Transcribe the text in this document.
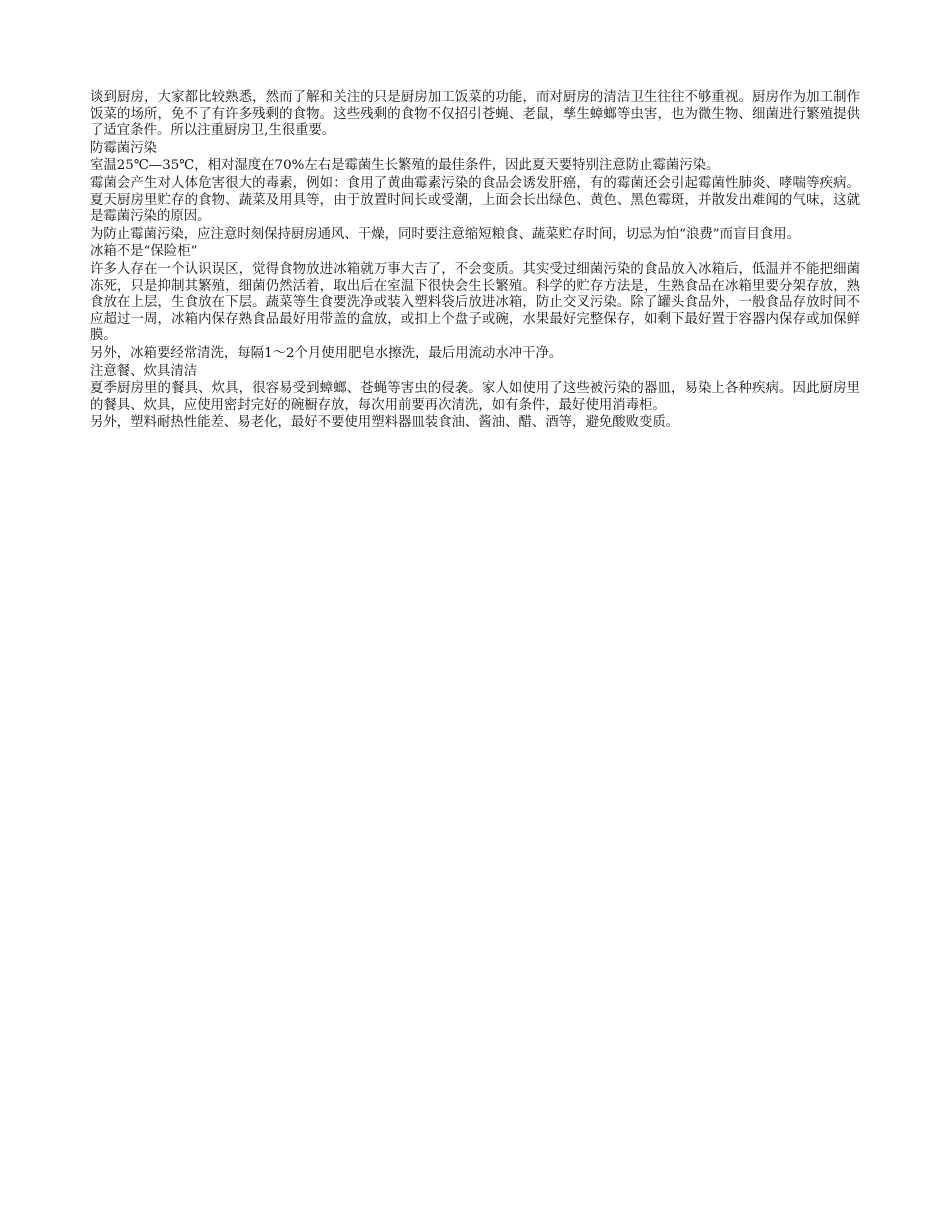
谈到厨房，大家都比较熟悉，然而了解和关注的只是厨房加工饭菜的功能，而对厨房的清洁卫生往往不够重视。厨房作为加工制作饭菜的场所，免不了有许多残剩的食物。这些残剩的食物不仅招引苍蝇、老鼠，孳生蟑螂等虫害，也为微生物、细菌进行繁殖提供了适宜条件。所以注重厨房卫,生很重要。

防霉菌污染

室温25℃—35℃，相对湿度在70%左右是霉菌生长繁殖的最佳条件，因此夏天要特别注意防止霉菌污染。

霉菌会产生对人体危害很大的毒素，例如：食用了黄曲霉素污染的食品会诱发肝癌，有的霉菌还会引起霉菌性肺炎、哮喘等疾病。夏天厨房里贮存的食物、蔬菜及用具等，由于放置时间长或受潮，上面会长出绿色、黄色、黑色霉斑，并散发出难闻的气味，这就是霉菌污染的原因。

为防止霉菌污染，应注意时刻保持厨房通风、干燥，同时要注意缩短粮食、蔬菜贮存时间，切忌为怕“浪费”而盲目食用。

冰箱不是“保险柜”

许多人存在一个认识误区，觉得食物放进冰箱就万事大吉了，不会变质。其实受过细菌污染的食品放入冰箱后，低温并不能把细菌冻死，只是抑制其繁殖，细菌仍然活着，取出后在室温下很快会生长繁殖。科学的贮存方法是，生熟食品在冰箱里要分架存放，熟食放在上层，生食放在下层。蔬菜等生食要洗净或装入塑料袋后放进冰箱，防止交叉污染。除了罐头食品外，一般食品存放时间不应超过一周，冰箱内保存熟食品最好用带盖的盒放，或扣上个盘子或碗，水果最好完整保存，如剩下最好置于容器内保存或加保鲜膜。

另外，冰箱要经常清洗，每隔1～2个月使用肥皂水擦洗，最后用流动水冲干净。

注意餐、炊具清洁

夏季厨房里的餐具、炊具，很容易受到蟑螂、苍蝇等害虫的侵袭。家人如使用了这些被污染的器皿，易染上各种疾病。因此厨房里的餐具、炊具，应使用密封完好的碗橱存放，每次用前要再次清洗，如有条件，最好使用消毒柜。

另外，塑料耐热性能差、易老化，最好不要使用塑料器皿装食油、酱油、醋、酒等，避免酸败变质。
